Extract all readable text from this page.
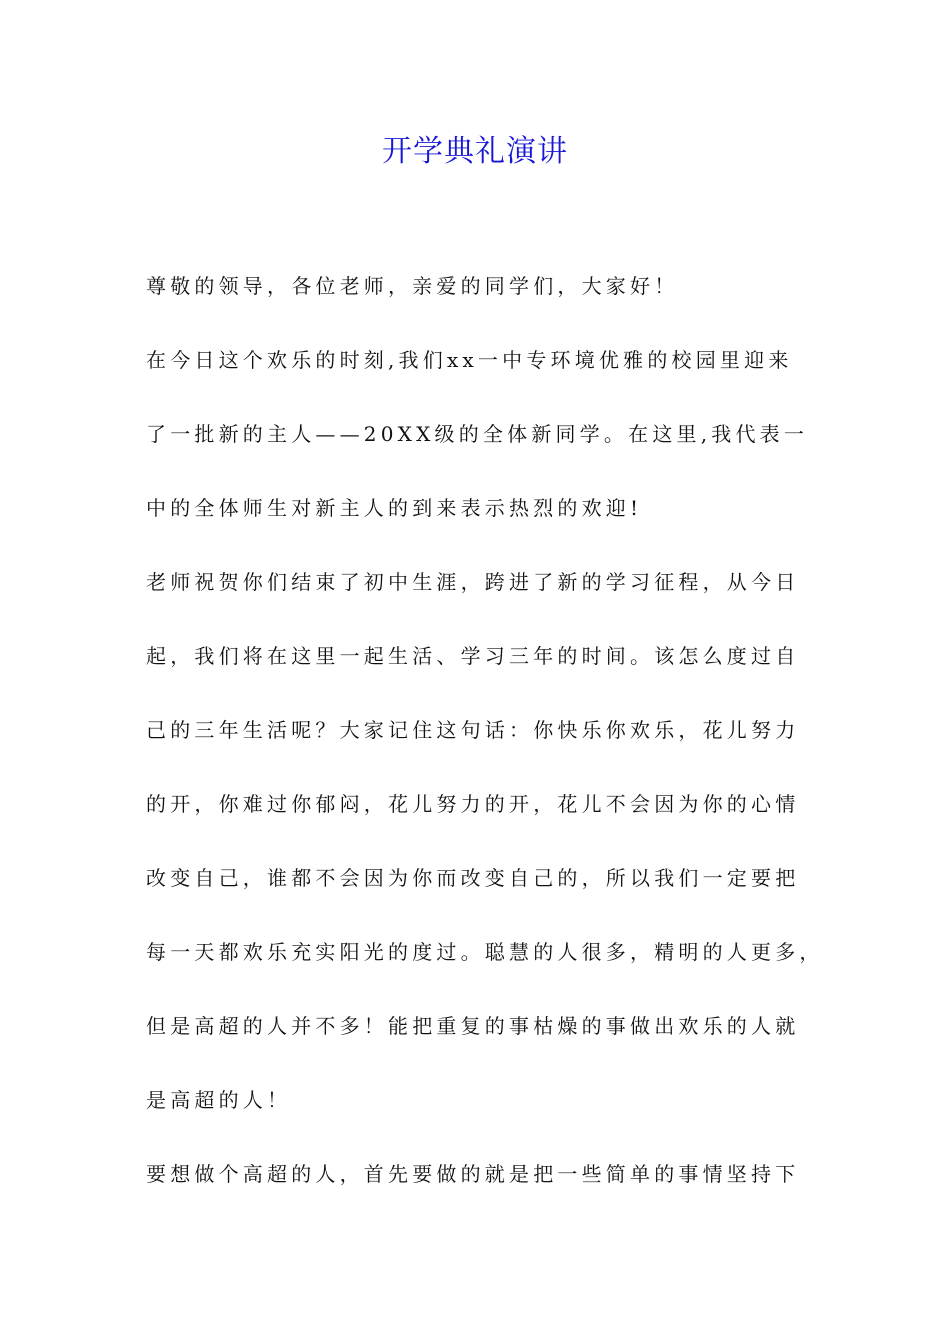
开学典礼演讲
尊敬的领导，各位老师，亲爱的同学们，大家好！
在今日这个欢乐的时刻,我们xx一中专环境优雅的校园里迎来
了一批新的主人——20XX级的全体新同学。在这里,我代表一
中的全体师生对新主人的到来表示热烈的欢迎!
老师祝贺你们结束了初中生涯，跨进了新的学习征程，从今日
起，我们将在这里一起生活、学习三年的时间。该怎么度过自
己的三年生活呢？大家记住这句话：你快乐你欢乐，花儿努力
的开，你难过你郁闷，花儿努力的开，花儿不会因为你的心情
改变自己，谁都不会因为你而改变自己的，所以我们一定要把
每一天都欢乐充实阳光的度过。聪慧的人很多，精明的人更多，
但是高超的人并不多！能把重复的事枯燥的事做出欢乐的人就
是高超的人！
要想做个高超的人，首先要做的就是把一些简单的事情坚持下
